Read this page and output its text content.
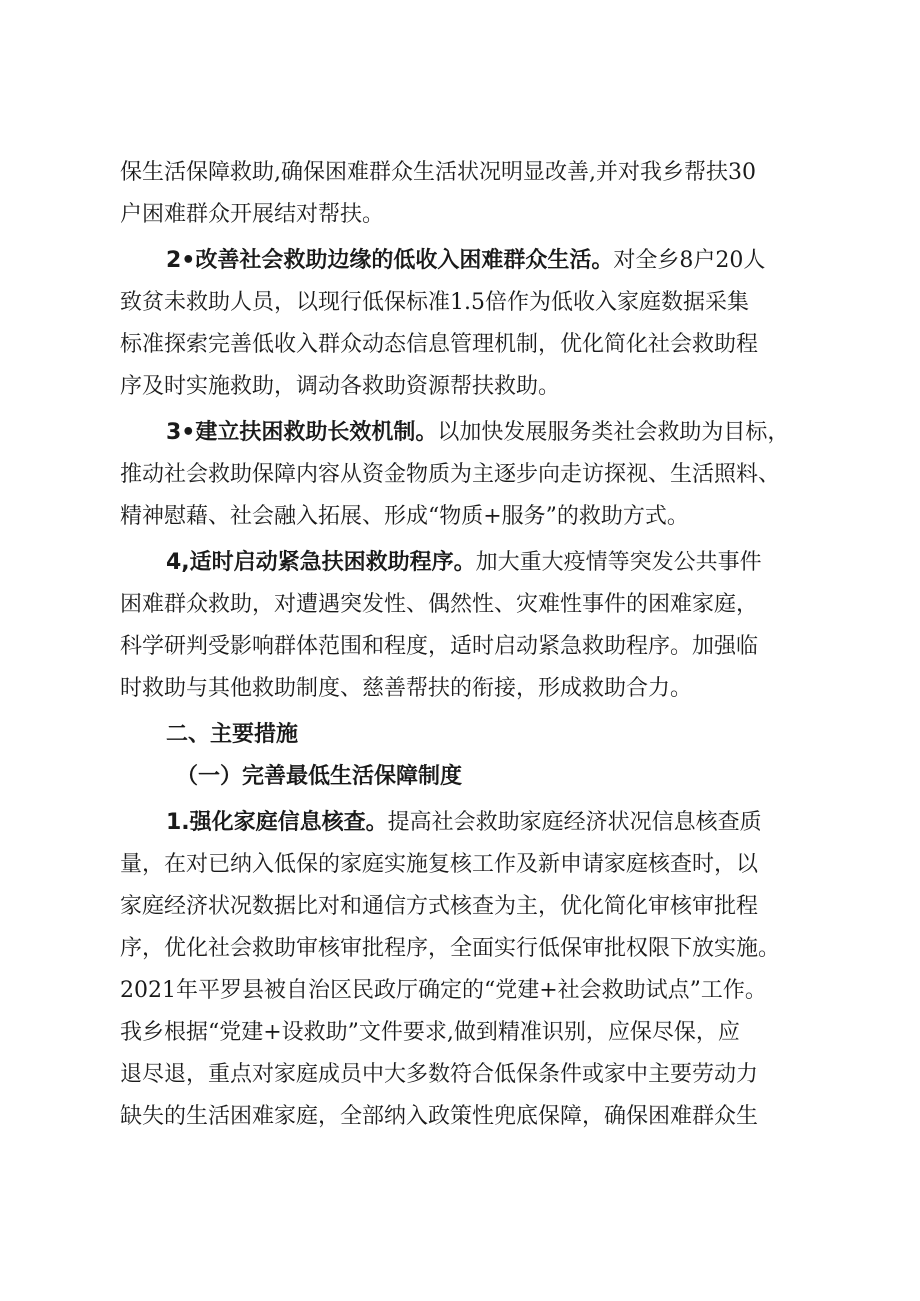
保生活保障救助,确保困难群众生活状况明显改善,并对我乡帮扶30
户困难群众开展结对帮扶。
2•改善社会救助边缘的低收入困难群众生活。对全乡8户20人
致贫未救助人员，以现行低保标准1.5倍作为低收入家庭数据采集
标准探索完善低收入群众动态信息管理机制，优化简化社会救助程
序及时实施救助，调动各救助资源帮扶救助。
3•建立扶困救助长效机制。以加快发展服务类社会救助为目标，
推动社会救助保障内容从资金物质为主逐步向走访探视、生活照料、
精神慰藉、社会融入拓展、形成“物质+服务”的救助方式。
4,适时启动紧急扶困救助程序。加大重大疫情等突发公共事件
困难群众救助，对遭遇突发性、偶然性、灾难性事件的困难家庭，
科学研判受影响群体范围和程度，适时启动紧急救助程序。加强临
时救助与其他救助制度、慈善帮扶的衔接，形成救助合力。
二、主要措施
（一）完善最低生活保障制度
1.强化家庭信息核查。提高社会救助家庭经济状况信息核查质
量，在对已纳入低保的家庭实施复核工作及新申请家庭核查时，以
家庭经济状况数据比对和通信方式核查为主，优化简化审核审批程
序，优化社会救助审核审批程序，全面实行低保审批权限下放实施。
2021年平罗县被自治区民政厅确定的“党建+社会救助试点”工作。
我乡根据“党建+设救助”文件要求,做到精准识别，应保尽保，应
退尽退，重点对家庭成员中大多数符合低保条件或家中主要劳动力
缺失的生活困难家庭，全部纳入政策性兜底保障，确保困难群众生
